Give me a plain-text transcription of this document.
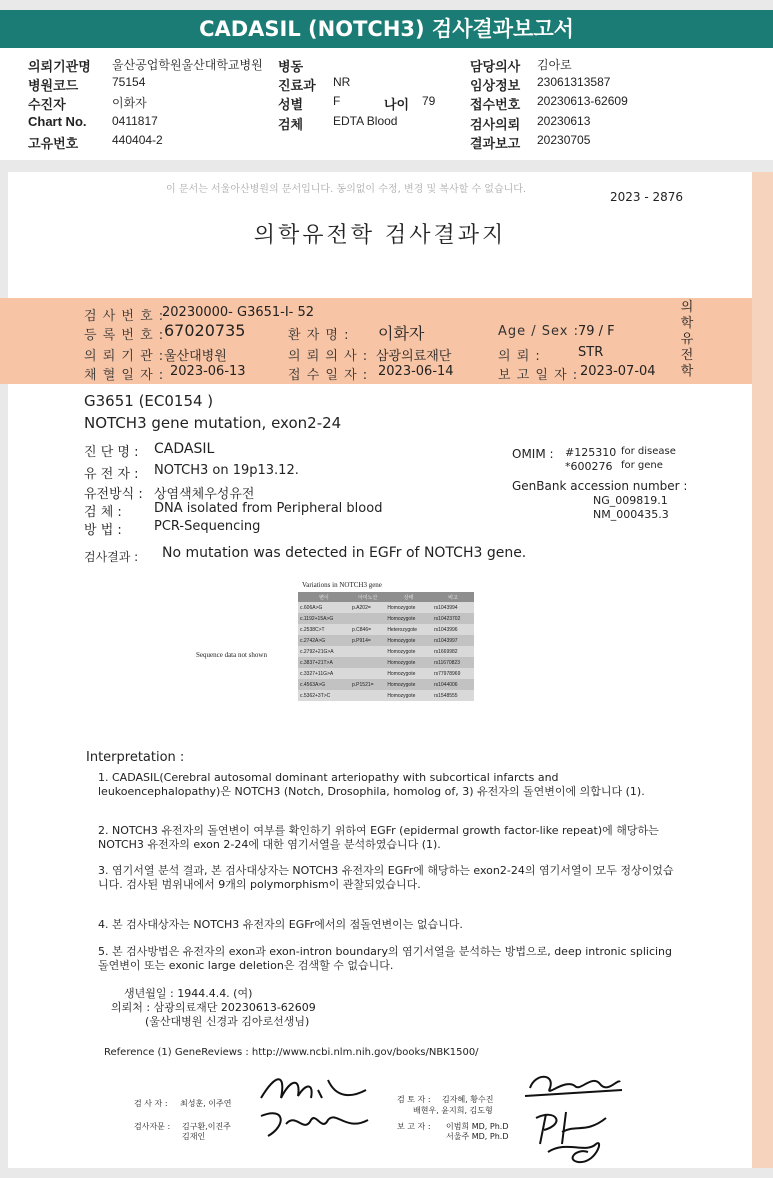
CADASIL (NOTCH3) 검사결과보고서
의뢰기관명 울산공업학원울산대학교병원 병동	담당의사 김아로
병원코드	75154	진료과 NR	임상정보 23061313587
수진자	이화자	성별 F	나이 79	접수번호 20230613-62609
Chart No. 0411817	검체 EDTA Blood	검사의뢰 20230613
고유번호	440404-2	결과보고 20230705
이 문서는 서울아산병원의 문서입니다. 동의없이 수정, 변경 및 복사할 수 없습니다.
2023 - 2876
의학유전학 검사결과지
의학유전학
검 사 번 호 :
20230000- G3651-I- 52
등 록 번 호 : 67020735	환 자 명 : 이화자	Age / Sex :
79 / F
의 뢰 기 관 : 울산대병원	의 뢰 의 사 : 삼광의료재단	의 뢰 :	STR
채 혈 일 자 : 2023-06-13	접 수 일 자 : 2023-06-14	보 고 일 자 : 2023-07-04
G3651 (EC0154 )
NOTCH3 gene mutation, exon2-24
진 단 명 : CADASIL
유 전 자 : NOTCH3 on 19p13.12.
유전방식 : 상염색체우성유전
검 체 : DNA isolated from Peripheral blood
방 법 : PCR-Sequencing
OMIM : #125310 for disease
*600276 for gene
GenBank accession number :
NG_009819.1
NM_000435.3
검사결과 : No mutation was detected in EGFr of NOTCH3 gene.
Variations in NOTCH3 gene
Sequence data not shown
변이	아미노산	상태	비고
c.606A>G	p.A202=	Homozygote	rs1043994
c.1192+15A>G		Homozygote	rs10423702
c.2538C>T	p.C846=	Heterozygote	rs1043996
c.2742A>G	p.P914=	Homozygote	rs1043997
c.2792+21G>A		Homozygote	rs1669982
c.3837+21T>A		Homozygote	rs11670823
c.3327+11G>A		Homozygote	rs77978969
c.4563A>G	p.P1521=	Homozygote	rs1044006
c.5362+3T>C		Homozygote	rs1548555
Interpretation :
1. CADASIL(Cerebral autosomal dominant arteriopathy with subcortical infarcts and leukoencephalopathy)은 NOTCH3 (Notch, Drosophila, homolog of, 3) 유전자의 돌연변이에 의합니다 (1).
2. NOTCH3 유전자의 돌연변이 여부를 확인하기 위하여 EGFr (epidermal growth factor-like repeat)에 해당하는 NOTCH3 유전자의 exon 2-24에 대한 염기서열을 분석하였습니다 (1).
3. 염기서열 분석 결과, 본 검사대상자는 NOTCH3 유전자의 EGFr에 해당하는 exon2-24의 염기서열이 모두 정상이었습니다. 검사된 범위내에서 9개의 polymorphism이 관찰되었습니다.
4. 본 검사대상자는 NOTCH3 유전자의 EGFr에서의 점돌연변이는 없습니다.
5. 본 검사방법은 유전자의 exon과 exon-intron boundary의 염기서열을 분석하는 방법으로, deep intronic splicing 돌연변이 또는 exonic large deletion은 검색할 수 없습니다.
생년월일 : 1944.4.4. (여)
의뢰처 : 삼광의료재단 20230613-62609
(울산대병원 신경과 김아로선생님)
Reference (1) GeneReviews : http://www.ncbi.nlm.nih.gov/books/NBK1500/
검 사 자 : 최성훈, 이주연
검사자문 : 김구환,이진주
김재인
검 토 자 : 김자혜, 황수진
배현우, 윤지희, 김도형
보 고 자 : 이범희 MD, Ph.D
서울주 MD, Ph.D
